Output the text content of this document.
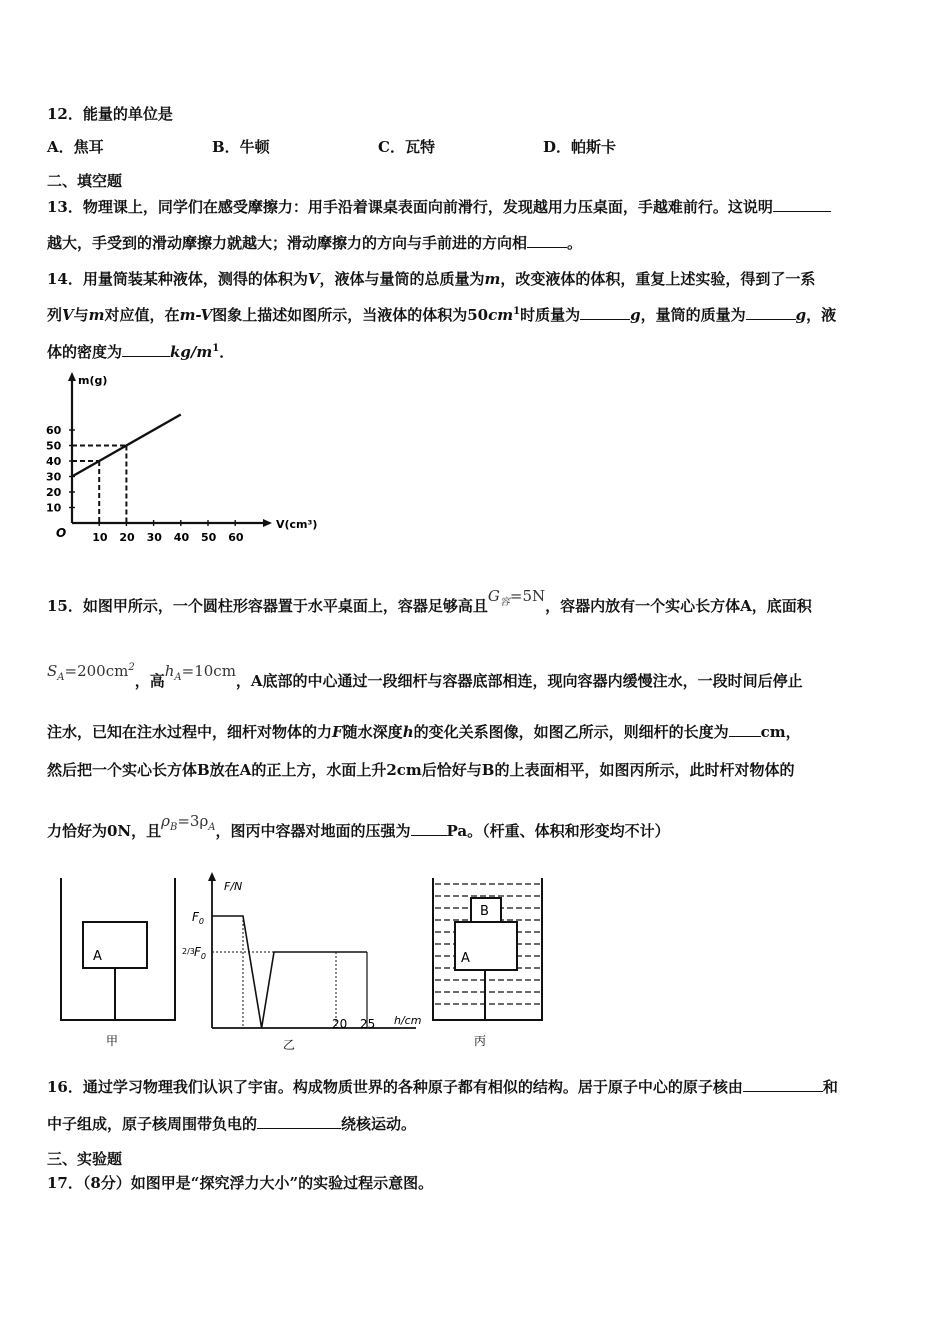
12．能量的单位是
A．焦耳	B．牛顿	C．瓦特	D．帕斯卡
二、填空题
13．物理课上，同学们在感受摩擦力：用手沿着课桌表面向前滑行，发现越用力压桌面，手越难前行。这说明
越大，手受到的滑动摩擦力就越大；滑动摩擦力的方向与手前进的方向相	。
14．用量筒装某种液体，测得的体积为V，液体与量筒的总质量为m，改变液体的体积，重复上述实验，得到了一系
列V与m对应值，在m-V图象上描述如图所示，当液体的体积为$50cm^1$时质量为	g，量筒的质量为	g，液
体的密度为	$kg/m^1$．
m(g)
V(cm³)
O
10
20
30
40
50
60
10 20 30 40 50 60
15．如图甲所示，一个圆柱形容器置于水平桌面上，容器足够高且$G_容=5N$，容器内放有一个实心长方体A，底面积
$S_A=200cm^2$，高$h_A=10cm$，A底部的中心通过一段细杆与容器底部相连，现向容器内缓慢注水，一段时间后停止
注水，已知在注水过程中，细杆对物体的力F随水深度h的变化关系图像，如图乙所示，则细杆的长度为 cm，
然后把一个实心长方体B放在A的正上方，水面上升2cm后恰好与B的上表面相平，如图丙所示，此时杆对物体的
力恰好为0N，且$\rho_B=3\rho_A$，图丙中容器对地面的压强为 Pa。（杆重、体积和形变均不计）
A
甲
F/N
h/cm
$F_0$
2/3 $F_0$
20 25
乙
B
A
丙
16．通过学习物理我们认识了宇宙。构成物质世界的各种原子都有相似的结构。居于原子中心的原子核由	和
中子组成，原子核周围带负电的	绕核运动。
三、实验题
17．（8分）如图甲是“探究浮力大小”的实验过程示意图。
